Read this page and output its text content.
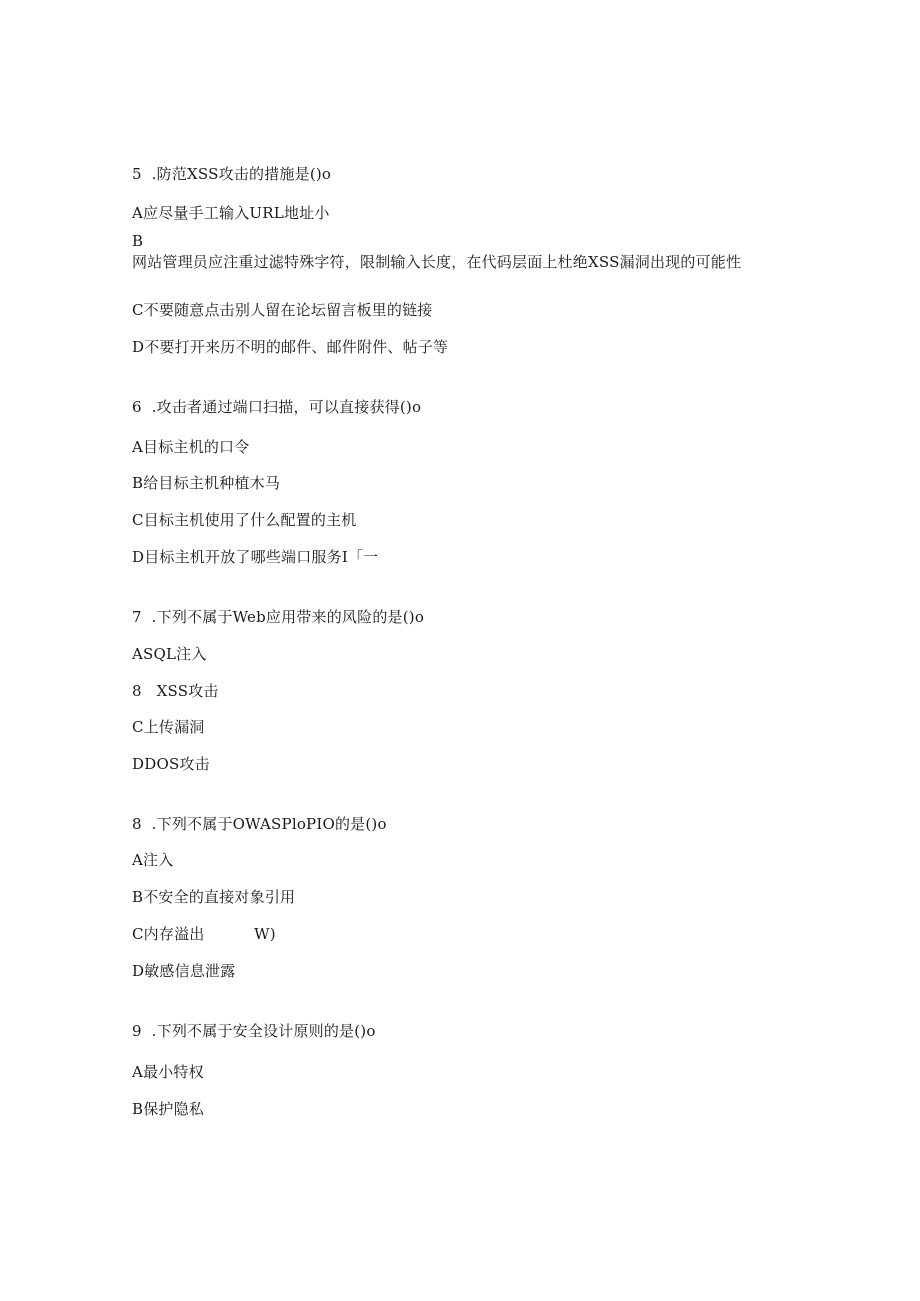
5  .防范XSS攻击的措施是()o
A应尽量手工输入URL地址小
B
网站管理员应注重过滤特殊字符，限制输入长度，在代码层面上杜绝XSS漏洞出现的可能性
C不要随意点击别人留在论坛留言板里的链接
D不要打开来历不明的邮件、邮件附件、帖子等
6  .攻击者通过端口扫描，可以直接获得()o
A目标主机的口令
B给目标主机种植木马
C目标主机使用了什么配置的主机
D目标主机开放了哪些端口服务I「一
7  .下列不属于Web应用带来的风险的是()o
ASQL注入
8   XSS攻击
C上传漏洞
DDOS攻击
8  .下列不属于OWASPloPIO的是()o
A注入
B不安全的直接对象引用
C内存溢出          W)
D敏感信息泄露
9  .下列不属于安全设计原则的是()o
A最小特权
B保护隐私
